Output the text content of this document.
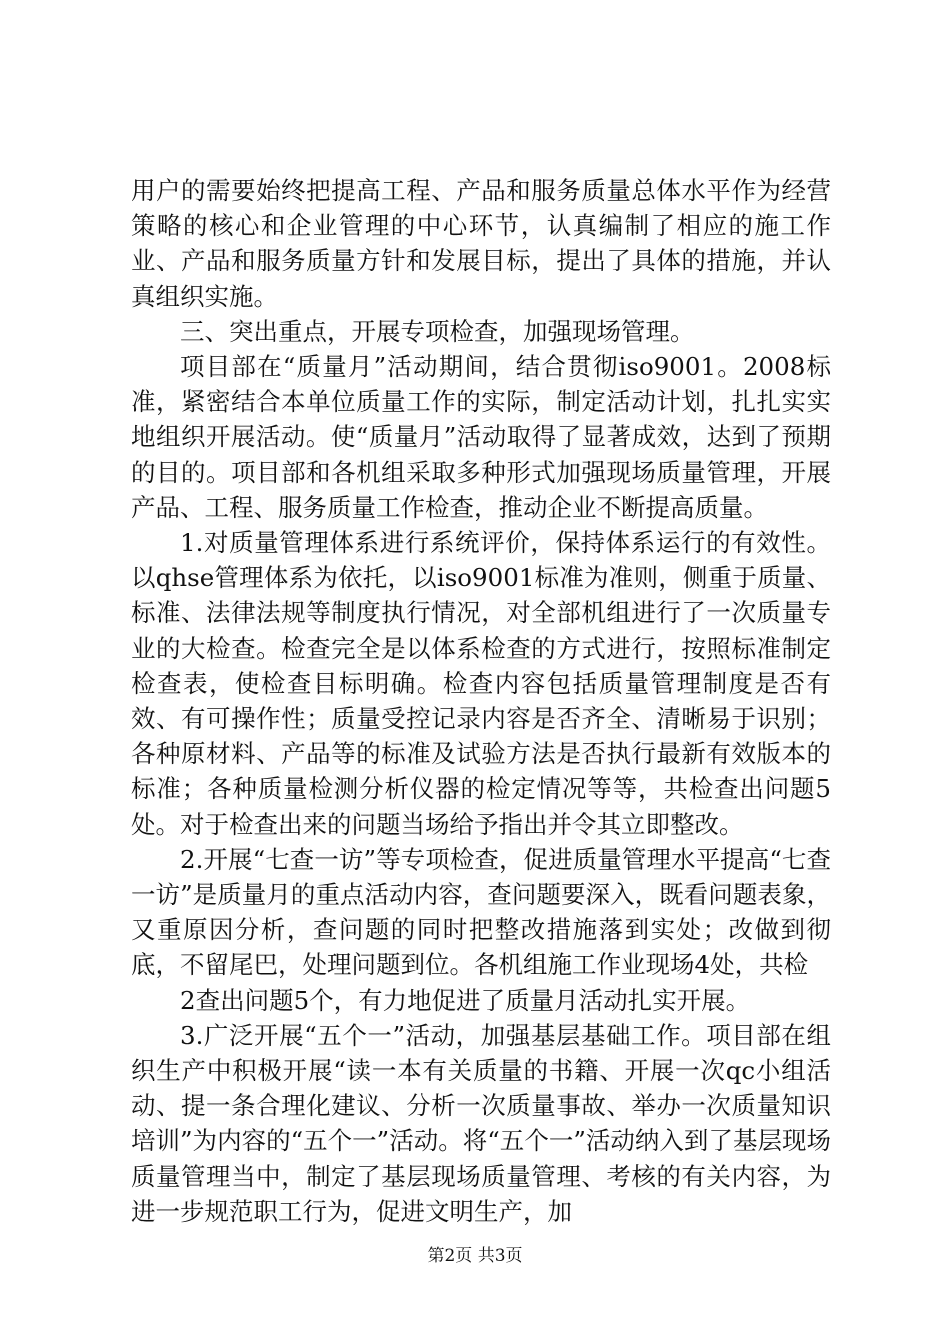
用户的需要始终把提高工程、产品和服务质量总体水平作为经营策略的核心和企业管理的中心环节，认真编制了相应的施工作业、产品和服务质量方针和发展目标，提出了具体的措施，并认真组织实施。

三、突出重点，开展专项检查，加强现场管理。

项目部在“质量月”活动期间，结合贯彻iso9001。2008标准，紧密结合本单位质量工作的实际，制定活动计划，扎扎实实地组织开展活动。使“质量月”活动取得了显著成效，达到了预期的目的。项目部和各机组采取多种形式加强现场质量管理，开展产品、工程、服务质量工作检查，推动企业不断提高质量。

1.对质量管理体系进行系统评价，保持体系运行的有效性。以qhse管理体系为依托，以iso9001标准为准则，侧重于质量、标准、法律法规等制度执行情况，对全部机组进行了一次质量专业的大检查。检查完全是以体系检查的方式进行，按照标准制定检查表，使检查目标明确。检查内容包括质量管理制度是否有效、有可操作性；质量受控记录内容是否齐全、清晰易于识别；各种原材料、产品等的标准及试验方法是否执行最新有效版本的标准；各种质量检测分析仪器的检定情况等等，共检查出问题5处。对于检查出来的问题当场给予指出并令其立即整改。

2.开展“七查一访”等专项检查，促进质量管理水平提高“七查一访”是质量月的重点活动内容，查问题要深入，既看问题表象，又重原因分析，查问题的同时把整改措施落到实处；改做到彻底，不留尾巴，处理问题到位。各机组施工作业现场4处，共检

2查出问题5个，有力地促进了质量月活动扎实开展。

3.广泛开展“五个一”活动，加强基层基础工作。项目部在组织生产中积极开展“读一本有关质量的书籍、开展一次qc小组活动、提一条合理化建议、分析一次质量事故、举办一次质量知识培训”为内容的“五个一”活动。将“五个一”活动纳入到了基层现场质量管理当中，制定了基层现场质量管理、考核的有关内容，为进一步规范职工行为，促进文明生产，加

第2页 共3页
